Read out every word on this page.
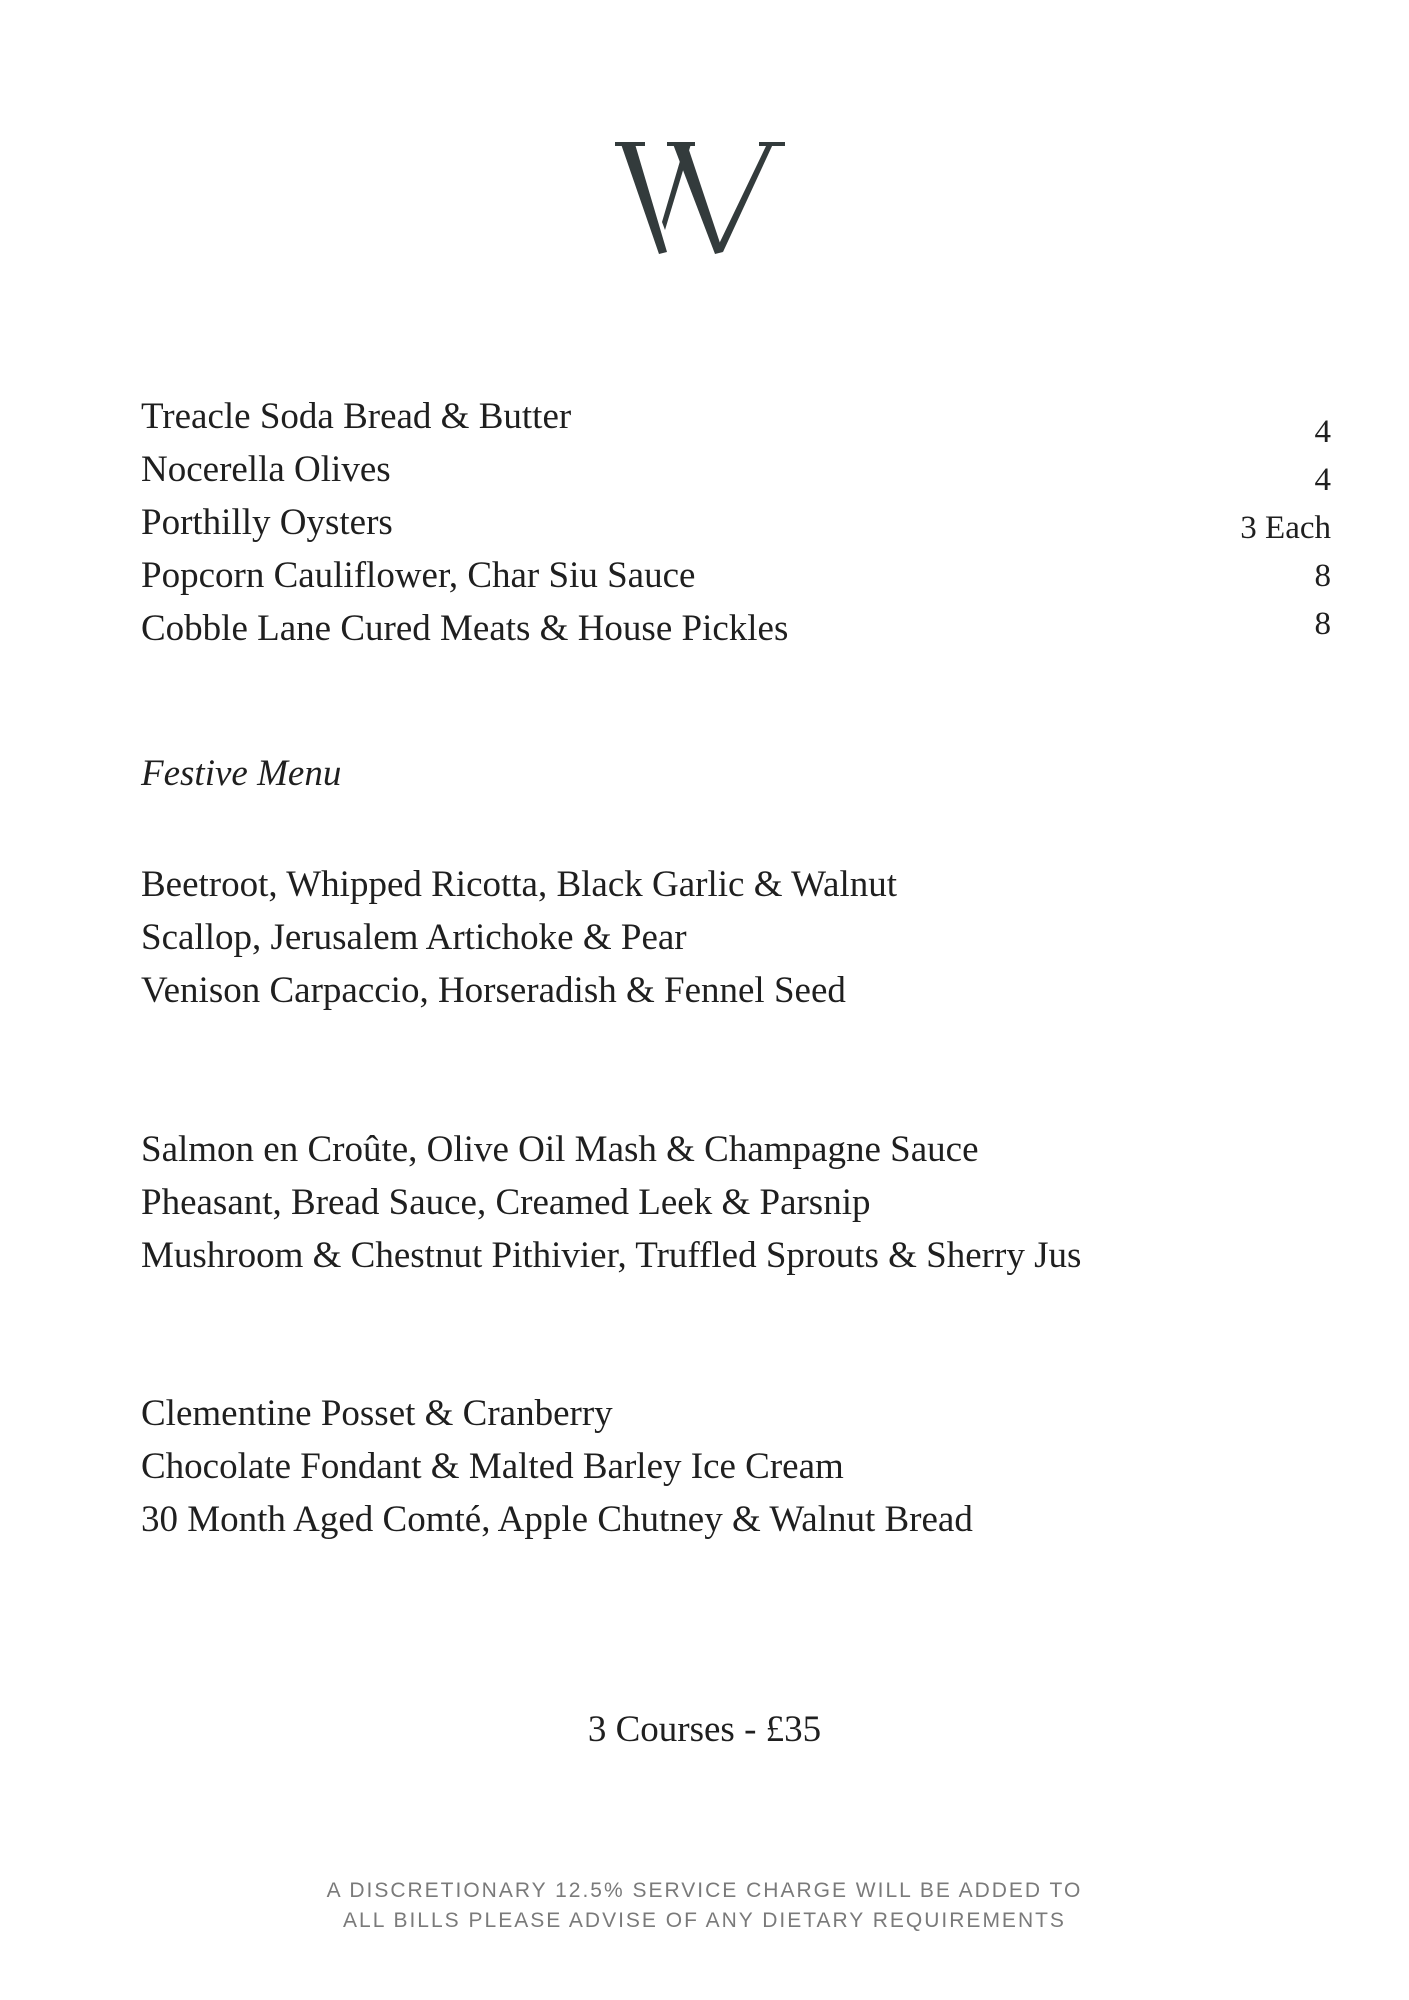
Treacle Soda Bread & Butter
Nocerella Olives
Porthilly Oysters
Popcorn Cauliflower, Char Siu Sauce
Cobble Lane Cured Meats & House Pickles
4
4
3 Each
8
8
Festive Menu
Beetroot, Whipped Ricotta, Black Garlic & Walnut
Scallop, Jerusalem Artichoke & Pear
Venison Carpaccio, Horseradish & Fennel Seed
Salmon en Croûte, Olive Oil Mash & Champagne Sauce
Pheasant, Bread Sauce, Creamed Leek & Parsnip
Mushroom & Chestnut Pithivier, Truffled Sprouts & Sherry Jus
Clementine Posset & Cranberry
Chocolate Fondant & Malted Barley Ice Cream
30 Month Aged Comté, Apple Chutney & Walnut Bread
3 Courses - £35
A DISCRETIONARY 12.5% SERVICE CHARGE WILL BE ADDED TO
ALL BILLS PLEASE ADVISE OF ANY DIETARY REQUIREMENTS
